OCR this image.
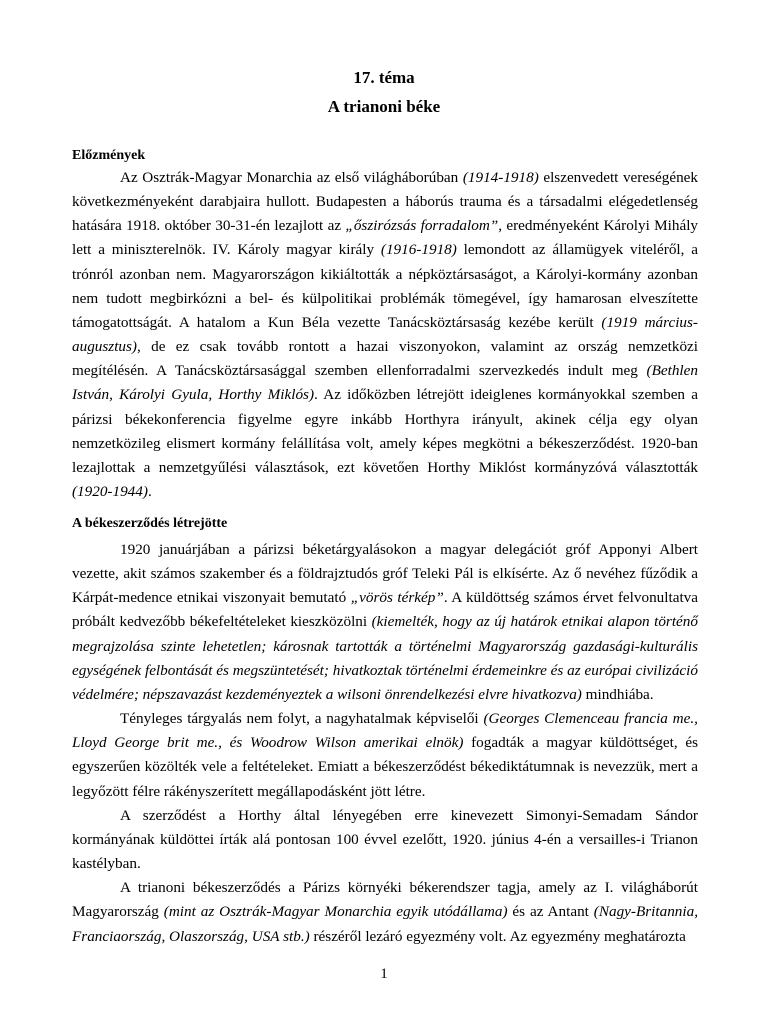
17. téma
A trianoni béke
Előzmények

Az Osztrák-Magyar Monarchia az első világháborúban (1914-1918) elszenvedett vereségének következményeként darabjaira hullott. Budapesten a háborús trauma és a társadalmi elégedetlenség hatására 1918. október 30-31-én lezajlott az „őszirózsás forradalom”, eredményeként Károlyi Mihály lett a miniszterelnök. IV. Károly magyar király (1916-1918) lemondott az államügyek viteléről, a trónról azonban nem. Magyarországon kikiáltották a népköztársaságot, a Károlyi-kormány azonban nem tudott megbirkózni a bel- és külpolitikai problémák tömegével, így hamarosan elveszítette támogatottságát. A hatalom a Kun Béla vezette Tanácsköztársaság kezébe került (1919 március-augusztus), de ez csak tovább rontott a hazai viszonyokon, valamint az ország nemzetközi megítélésén. A Tanácsköztársasággal szemben ellenforradalmi szervezkedés indult meg (Bethlen István, Károlyi Gyula, Horthy Miklós). Az időközben létrejött ideiglenes kormányokkal szemben a párizsi békekonferencia figyelme egyre inkább Horthyra irányult, akinek célja egy olyan nemzetközileg elismert kormány felállítása volt, amely képes megkötni a békeszerződést. 1920-ban lezajlottak a nemzetgyűlési választások, ezt követően Horthy Miklóst kormányzóvá választották (1920-1944).

A békeszerződés létrejötte

1920 januárjában a párizsi béketárgyalásokon a magyar delegációt gróf Apponyi Albert vezette, akit számos szakember és a földrajztudós gróf Teleki Pál is elkísérte. Az ő nevéhez fűződik a Kárpát-medence etnikai viszonyait bemutató „vörös térkép”. A küldöttség számos érvet felvonultatva próbált kedvezőbb békefeltételeket kieszközölni (kiemelték, hogy az új határok etnikai alapon történő megrajzolása szinte lehetetlen; károsnak tartották a történelmi Magyarország gazdasági-kulturális egységének felbontását és megszüntetését; hivatkoztak történelmi érdemeinkre és az európai civilizáció védelmére; népszavazást kezdeményeztek a wilsoni önrendelkezési elvre hivatkozva) mindhiába.

Tényleges tárgyalás nem folyt, a nagyhatalmak képviselői (Georges Clemenceau francia me., Lloyd George brit me., és Woodrow Wilson amerikai elnök) fogadták a magyar küldöttséget, és egyszerűen közölték vele a feltételeket. Emiatt a békeszerződést békediktátumnak is nevezzük, mert a legyőzött félre rákényszerített megállapodásként jött létre.

A szerződést a Horthy által lényegében erre kinevezett Simonyi-Semadam Sándor kormányának küldöttei írták alá pontosan 100 évvel ezelőtt, 1920. június 4-én a versailles-i Trianon kastélyban.

A trianoni békeszerződés a Párizs környéki békerendszer tagja, amely az I. világháborút Magyarország (mint az Osztrák-Magyar Monarchia egyik utódállama) és az Antant (Nagy-Britannia, Franciaország, Olaszország, USA stb.) részéről lezáró egyezmény volt. Az egyezmény meghatározta

1
